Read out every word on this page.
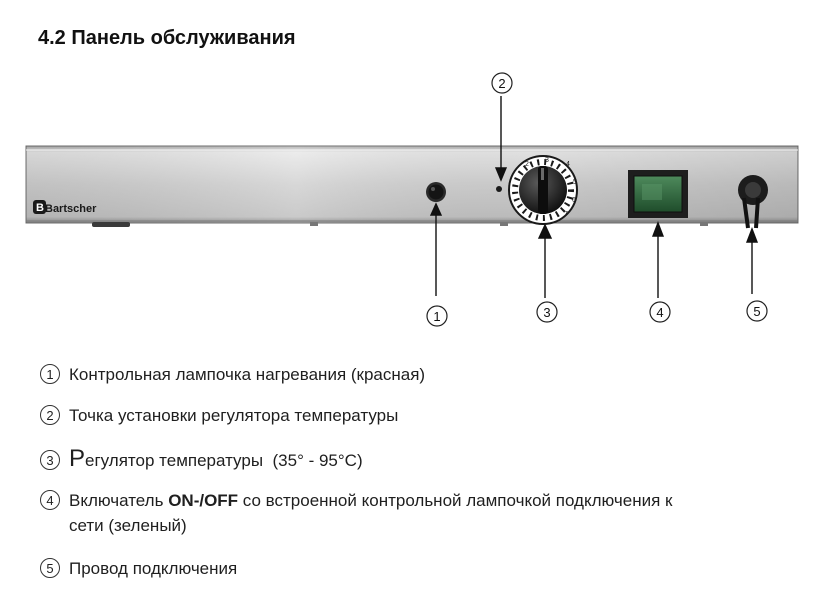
4.2 Панель обслуживания
B Bartscher
4
5
6
7
3
2
1
2
3	4	5
1 Контрольная лампочка нагревания (красная)
2 Точка установки регулятора температуры
3 Регулятор температуры (35° - 95°C)
4 Включатель ON-/OFF со встроенной контрольной лампочкой подключения к
сети (зеленый)
5 Провод подключения
